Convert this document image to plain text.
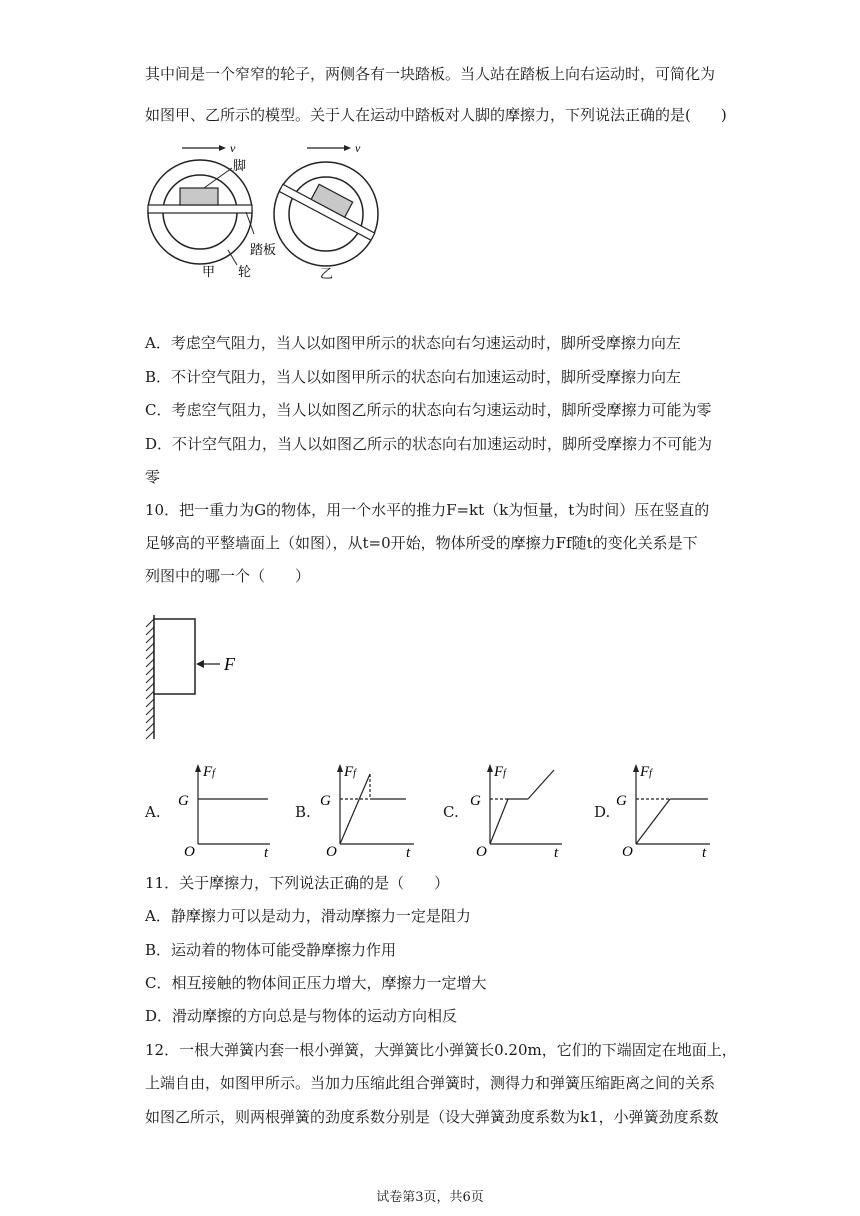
其中间是一个窄窄的轮子，两侧各有一块踏板。当人站在踏板上向右运动时，可简化为
如图甲、乙所示的模型。关于人在运动中踏板对人脚的摩擦力，下列说法正确的是(　　)
v
脚
踏板
轮
甲
v
乙
A．考虑空气阻力，当人以如图甲所示的状态向右匀速运动时，脚所受摩擦力向左
B．不计空气阻力，当人以如图甲所示的状态向右加速运动时，脚所受摩擦力向左
C．考虑空气阻力，当人以如图乙所示的状态向右匀速运动时，脚所受摩擦力可能为零
D．不计空气阻力，当人以如图乙所示的状态向右加速运动时，脚所受摩擦力不可能为
零
10．把一重力为G的物体，用一个水平的推力F=kt（k为恒量，t为时间）压在竖直的
足够高的平整墙面上（如图），从t=0开始，物体所受的摩擦力Ff随t的变化关系是下
列图中的哪一个（　　）
F
A.
Ff
G
O	t
B.
Ff
G
O	t
C.
Ff
G
O	t
D.
Ff
G
O	t
11．关于摩擦力，下列说法正确的是（　　）
A．静摩擦力可以是动力，滑动摩擦力一定是阻力
B．运动着的物体可能受静摩擦力作用
C．相互接触的物体间正压力增大，摩擦力一定增大
D．滑动摩擦的方向总是与物体的运动方向相反
12．一根大弹簧内套一根小弹簧，大弹簧比小弹簧长0.20m，它们的下端固定在地面上，
上端自由，如图甲所示。当加力压缩此组合弹簧时，测得力和弹簧压缩距离之间的关系
如图乙所示，则两根弹簧的劲度系数分别是（设大弹簧劲度系数为k1，小弹簧劲度系数
试卷第3页，共6页
